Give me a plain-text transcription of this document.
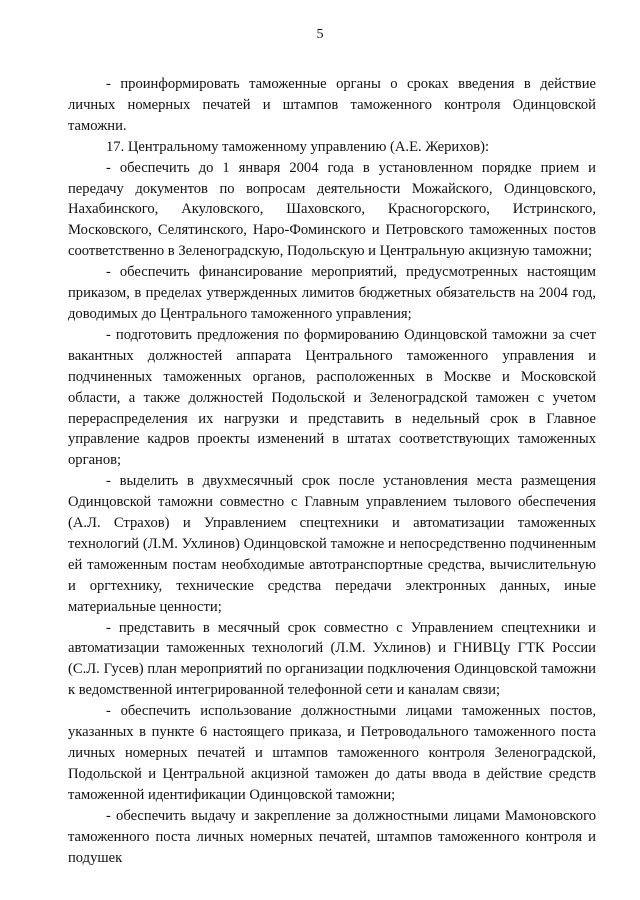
5

- проинформировать таможенные органы о сроках введения в действие личных номерных печатей и штампов таможенного контроля Одинцовской таможни.

17. Центральному таможенному управлению (А.Е. Жерихов):

- обеспечить до 1 января 2004 года в установленном порядке прием и передачу документов по вопросам деятельности Можайского, Одинцовского, Нахабинского, Акуловского, Шаховского, Красногорского, Истринского, Московского, Селятинского, Наро-Фоминского и Петровского таможенных постов соответственно в Зеленоградскую, Подольскую и Центральную акцизную таможни;

- обеспечить финансирование мероприятий, предусмотренных настоящим приказом, в пределах утвержденных лимитов бюджетных обязательств на 2004 год, доводимых до Центрального таможенного управления;

- подготовить предложения по формированию Одинцовской таможни за счет вакантных должностей аппарата Центрального таможенного управления и подчиненных таможенных органов, расположенных в Москве и Московской области, а также должностей Подольской и Зеленоградской таможен с учетом перераспределения их нагрузки и представить в недельный срок в Главное управление кадров проекты изменений в штатах соответствующих таможенных органов;

- выделить в двухмесячный срок после установления места размещения Одинцовской таможни совместно с Главным управлением тылового обеспечения (А.Л. Страхов) и Управлением спецтехники и автоматизации таможенных технологий (Л.М. Ухлинов) Одинцовской таможне и непосредственно подчиненным ей таможенным постам необходимые автотранспортные средства, вычислительную и оргтехнику, технические средства передачи электронных данных, иные материальные ценности;

- представить в месячный срок совместно с Управлением спецтехники и автоматизации таможенных технологий (Л.М. Ухлинов) и ГНИВЦу ГТК России (С.Л. Гусев) план мероприятий по организации подключения Одинцовской таможни к ведомственной интегрированной телефонной сети и каналам связи;

- обеспечить использование должностными лицами таможенных постов, указанных в пункте 6 настоящего приказа, и Петроводального таможенного поста личных номерных печатей и штампов таможенного контроля Зеленоградской, Подольской и Центральной акцизной таможен до даты ввода в действие средств таможенной идентификации Одинцовской таможни;

- обеспечить выдачу и закрепление за должностными лицами Мамоновского таможенного поста личных номерных печатей, штампов таможенного контроля и подушек
